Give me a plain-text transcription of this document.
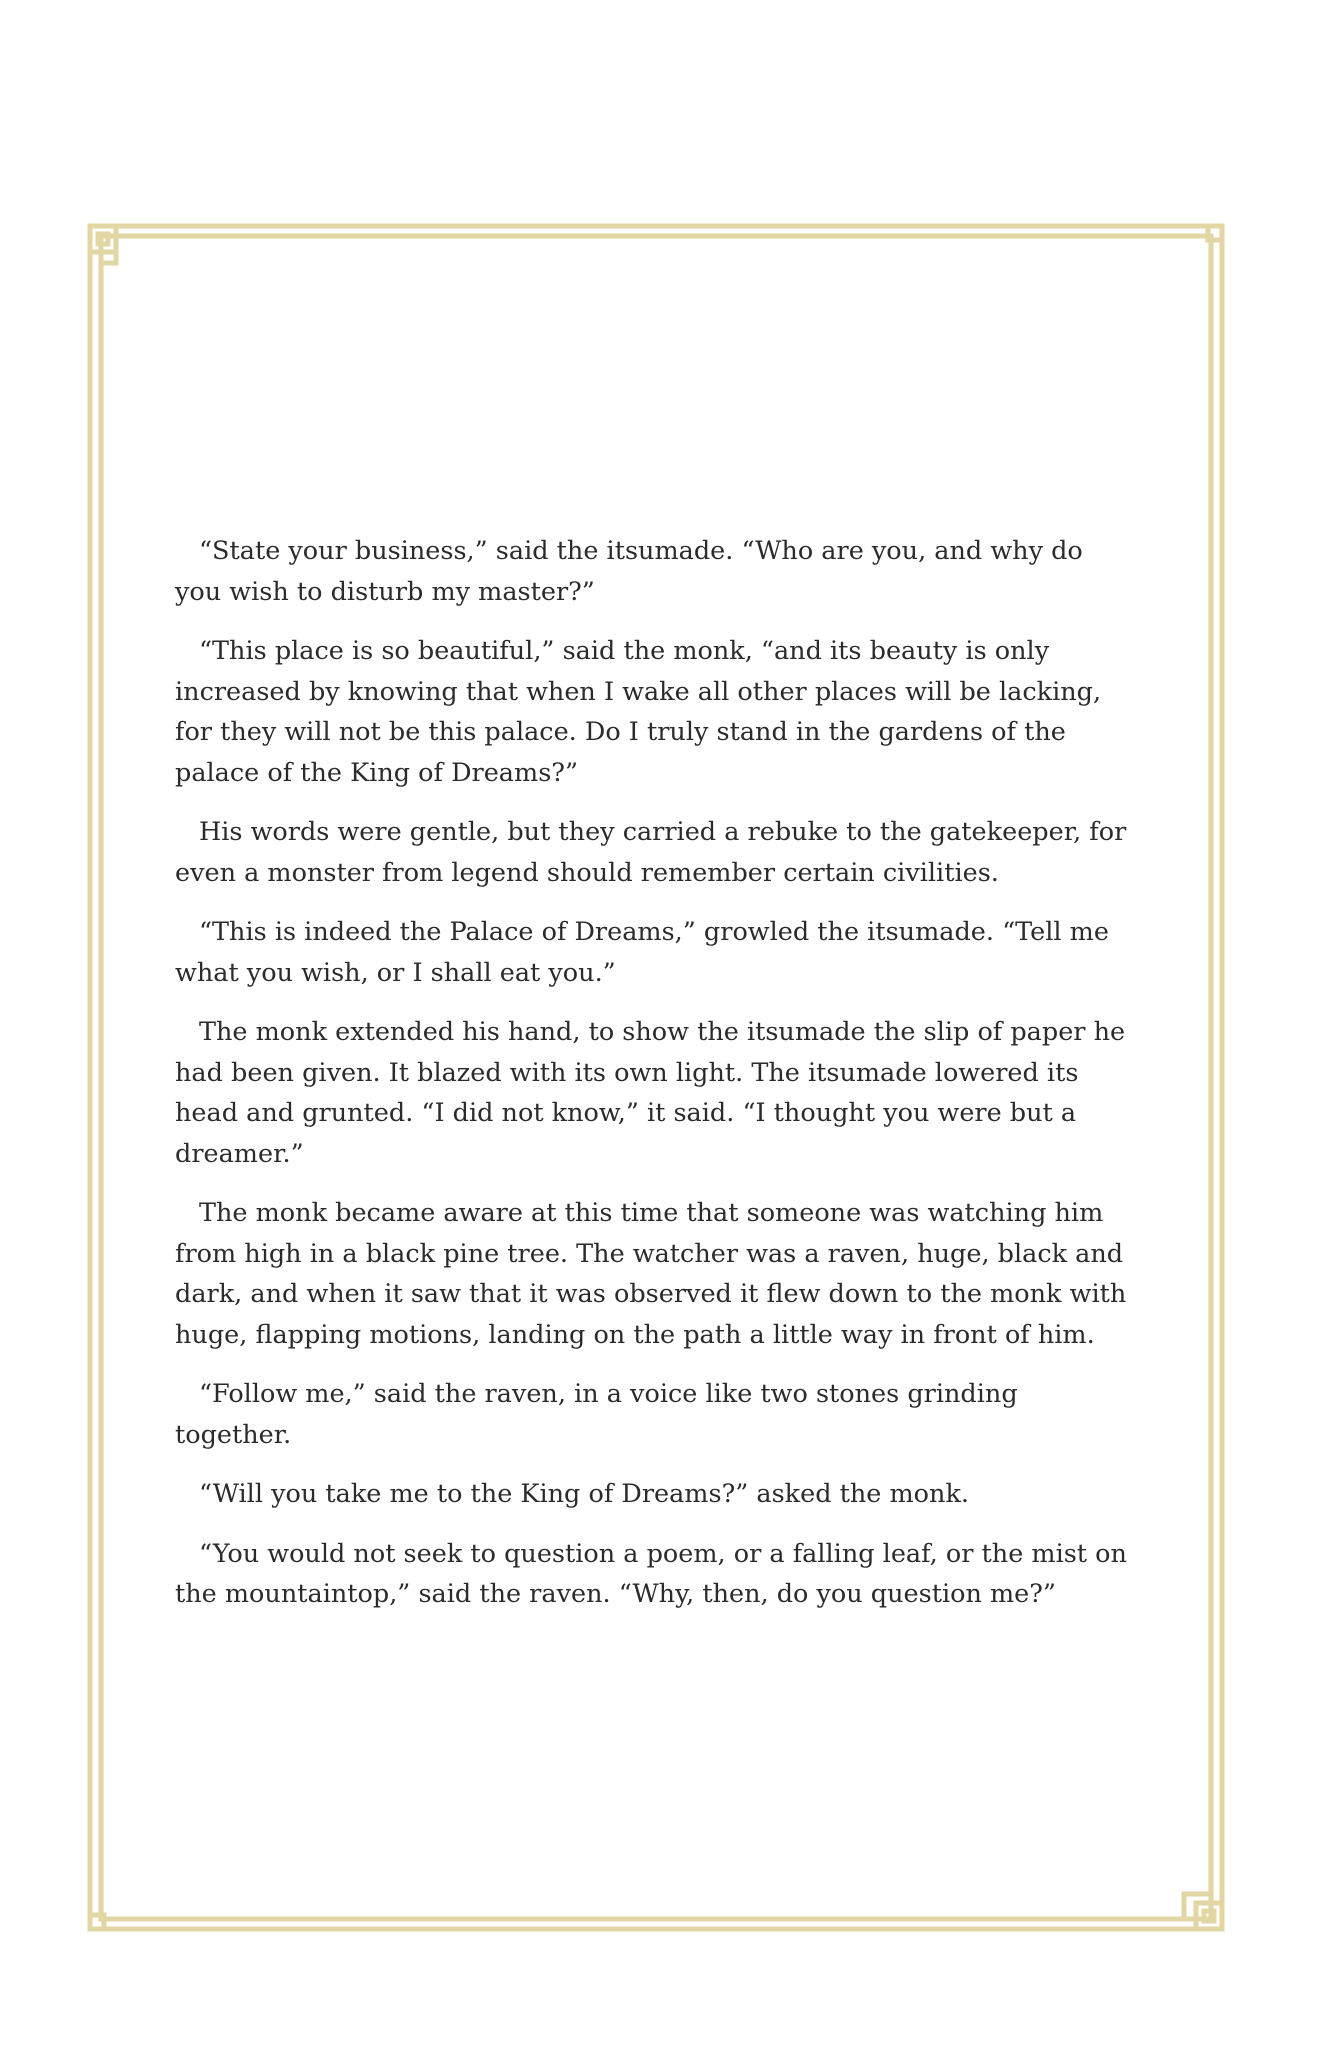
“State your business,” said the itsumade. “Who are you, and why do you wish to disturb my master?”

“This place is so beautiful,” said the monk, “and its beauty is only increased by knowing that when I wake all other places will be lacking, for they will not be this palace. Do I truly stand in the gardens of the palace of the King of Dreams?”

His words were gentle, but they carried a rebuke to the gatekeeper, for even a monster from legend should remember certain civilities.

“This is indeed the Palace of Dreams,” growled the itsumade. “Tell me what you wish, or I shall eat you.”

The monk extended his hand, to show the itsumade the slip of paper he had been given. It blazed with its own light. The itsumade lowered its head and grunted. “I did not know,” it said. “I thought you were but a dreamer.”

The monk became aware at this time that someone was watching him from high in a black pine tree. The watcher was a raven, huge, black and dark, and when it saw that it was observed it flew down to the monk with huge, flapping motions, landing on the path a little way in front of him.

“Follow me,” said the raven, in a voice like two stones grinding together.

“Will you take me to the King of Dreams?” asked the monk.

“You would not seek to question a poem, or a falling leaf, or the mist on the mountaintop,” said the raven. “Why, then, do you question me?”
